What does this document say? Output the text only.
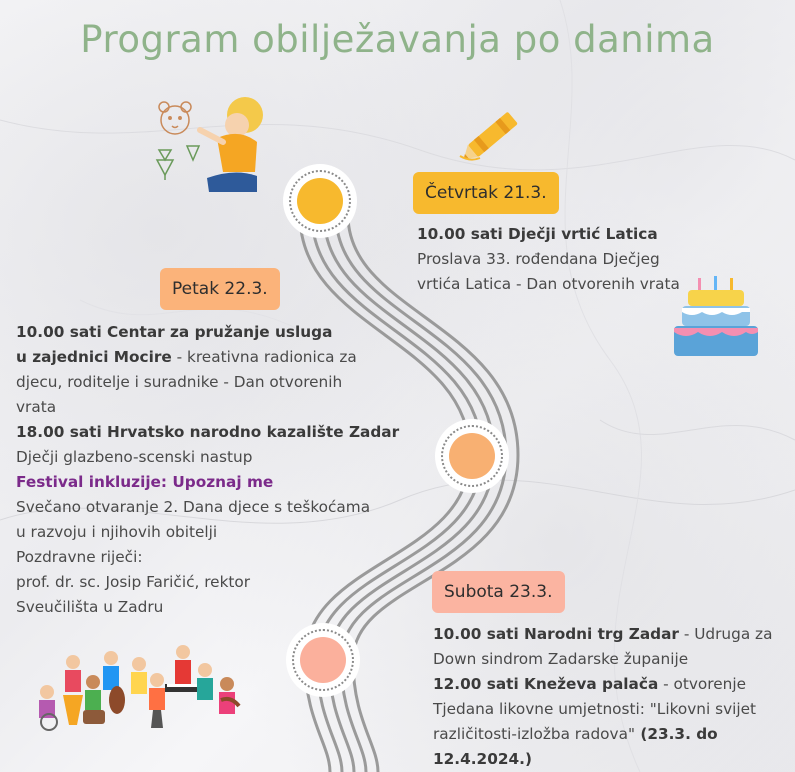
Program obilježavanja po danima
Četvrtak 21.3.
10.00 sati Dječji vrtić Latica
Proslava 33. rođendana Dječjeg
vrtića Latica - Dan otvorenih vrata
Petak 22.3.
10.00 sati Centar za pružanje usluga
u zajednici Mocire - kreativna radionica za
djecu, roditelje i suradnike - Dan otvorenih
vrata
18.00 sati Hrvatsko narodno kazalište Zadar
Dječji glazbeno-scenski nastup
Festival inkluzije: Upoznaj me
Svečano otvaranje 2. Dana djece s teškoćama
u razvoju i njihovih obitelji
Pozdravne riječi:
prof. dr. sc. Josip Faričić, rektor
Sveučilišta u Zadru
Subota 23.3.
10.00 sati Narodni trg Zadar - Udruga za
Down sindrom Zadarske županije
12.00 sati Kneževa palača - otvorenje
Tjedana likovne umjetnosti: "Likovni svijet
različitosti-izložba radova" (23.3. do
12.4.2024.)
